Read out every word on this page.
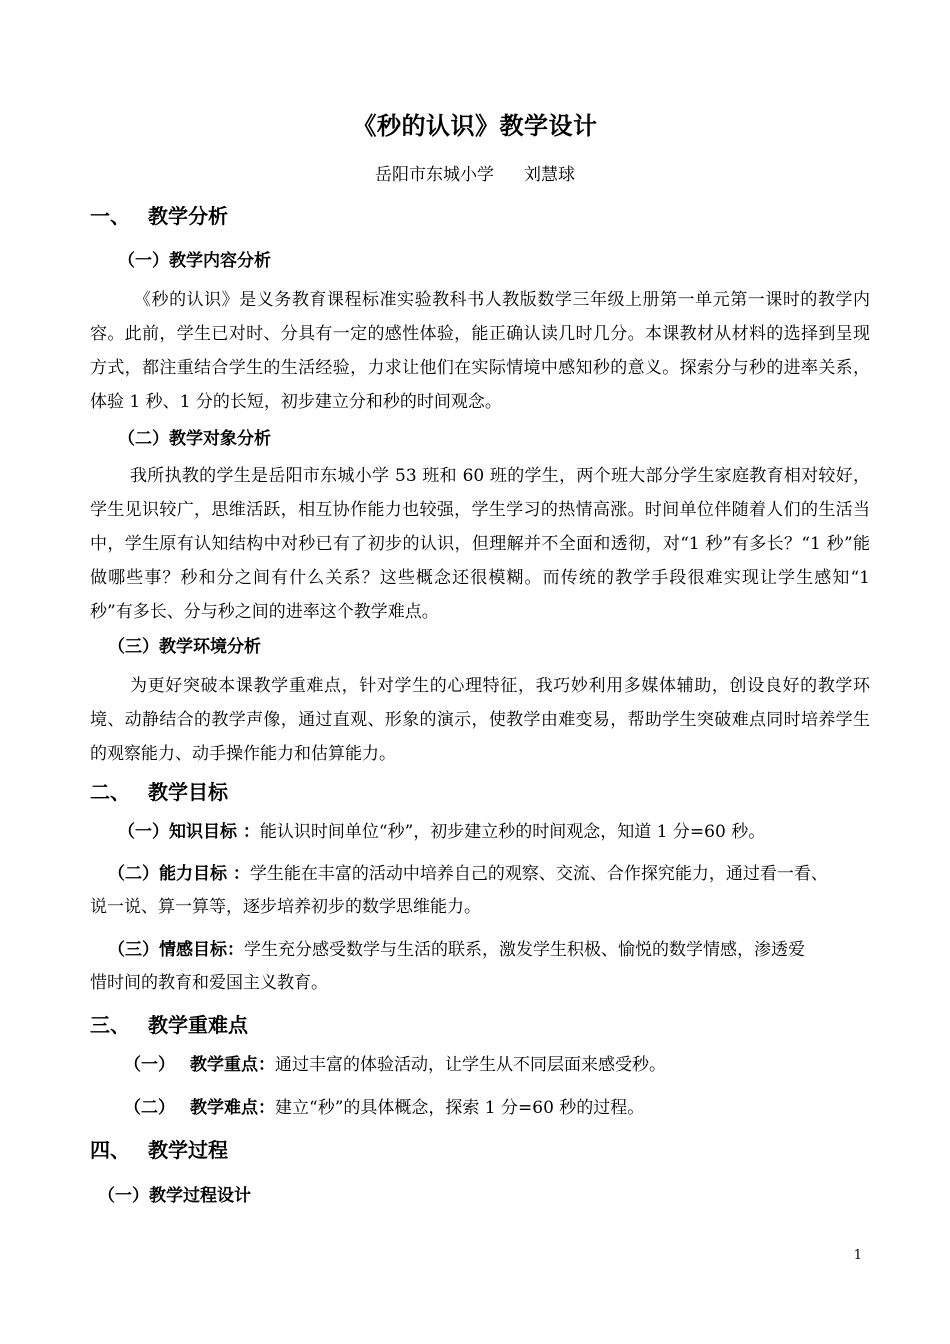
《秒的认识》教学设计
岳阳市东城小学 刘慧球
一、 教学分析
（一）教学内容分析

《秒的认识》是义务教育课程标准实验教科书人教版数学三年级上册第一单元第一课时的教学内容。此前，学生已对时、分具有一定的感性体验，能正确认读几时几分。本课教材从材料的选择到呈现方式，都注重结合学生的生活经验，力求让他们在实际情境中感知秒的意义。探索分与秒的进率关系，体验 1 秒、1 分的长短，初步建立分和秒的时间观念。

（二）教学对象分析

我所执教的学生是岳阳市东城小学 53 班和 60 班的学生，两个班大部分学生家庭教育相对较好，学生见识较广，思维活跃，相互协作能力也较强，学生学习的热情高涨。时间单位伴随着人们的生活当中，学生原有认知结构中对秒已有了初步的认识，但理解并不全面和透彻，对“1 秒”有多长？“1 秒”能做哪些事？秒和分之间有什么关系？这些概念还很模糊。而传统的教学手段很难实现让学生感知“1 秒”有多长、分与秒之间的进率这个教学难点。

（三）教学环境分析

为更好突破本课教学重难点，针对学生的心理特征，我巧妙利用多媒体辅助，创设良好的教学环境、动静结合的教学声像，通过直观、形象的演示，使教学由难变易，帮助学生突破难点同时培养学生的观察能力、动手操作能力和估算能力。

二、 教学目标
（一）知识目标 ：能认识时间单位“秒”，初步建立秒的时间观念，知道 1 分=60 秒。
（二）能力目标 ：学生能在丰富的活动中培养自己的观察、交流、合作探究能力，通过看一看、
说一说、算一算等，逐步培养初步的数学思维能力。
（三）情感目标：学生充分感受数学与生活的联系，激发学生积极、愉悦的数学情感，渗透爱
惜时间的教育和爱国主义教育。
三、 教学重难点
（一） 教学重点：通过丰富的体验活动，让学生从不同层面来感受秒。
（二） 教学难点：建立“秒”的具体概念，探索 1 分=60 秒的过程。
四、 教学过程
（一）教学过程设计
1
